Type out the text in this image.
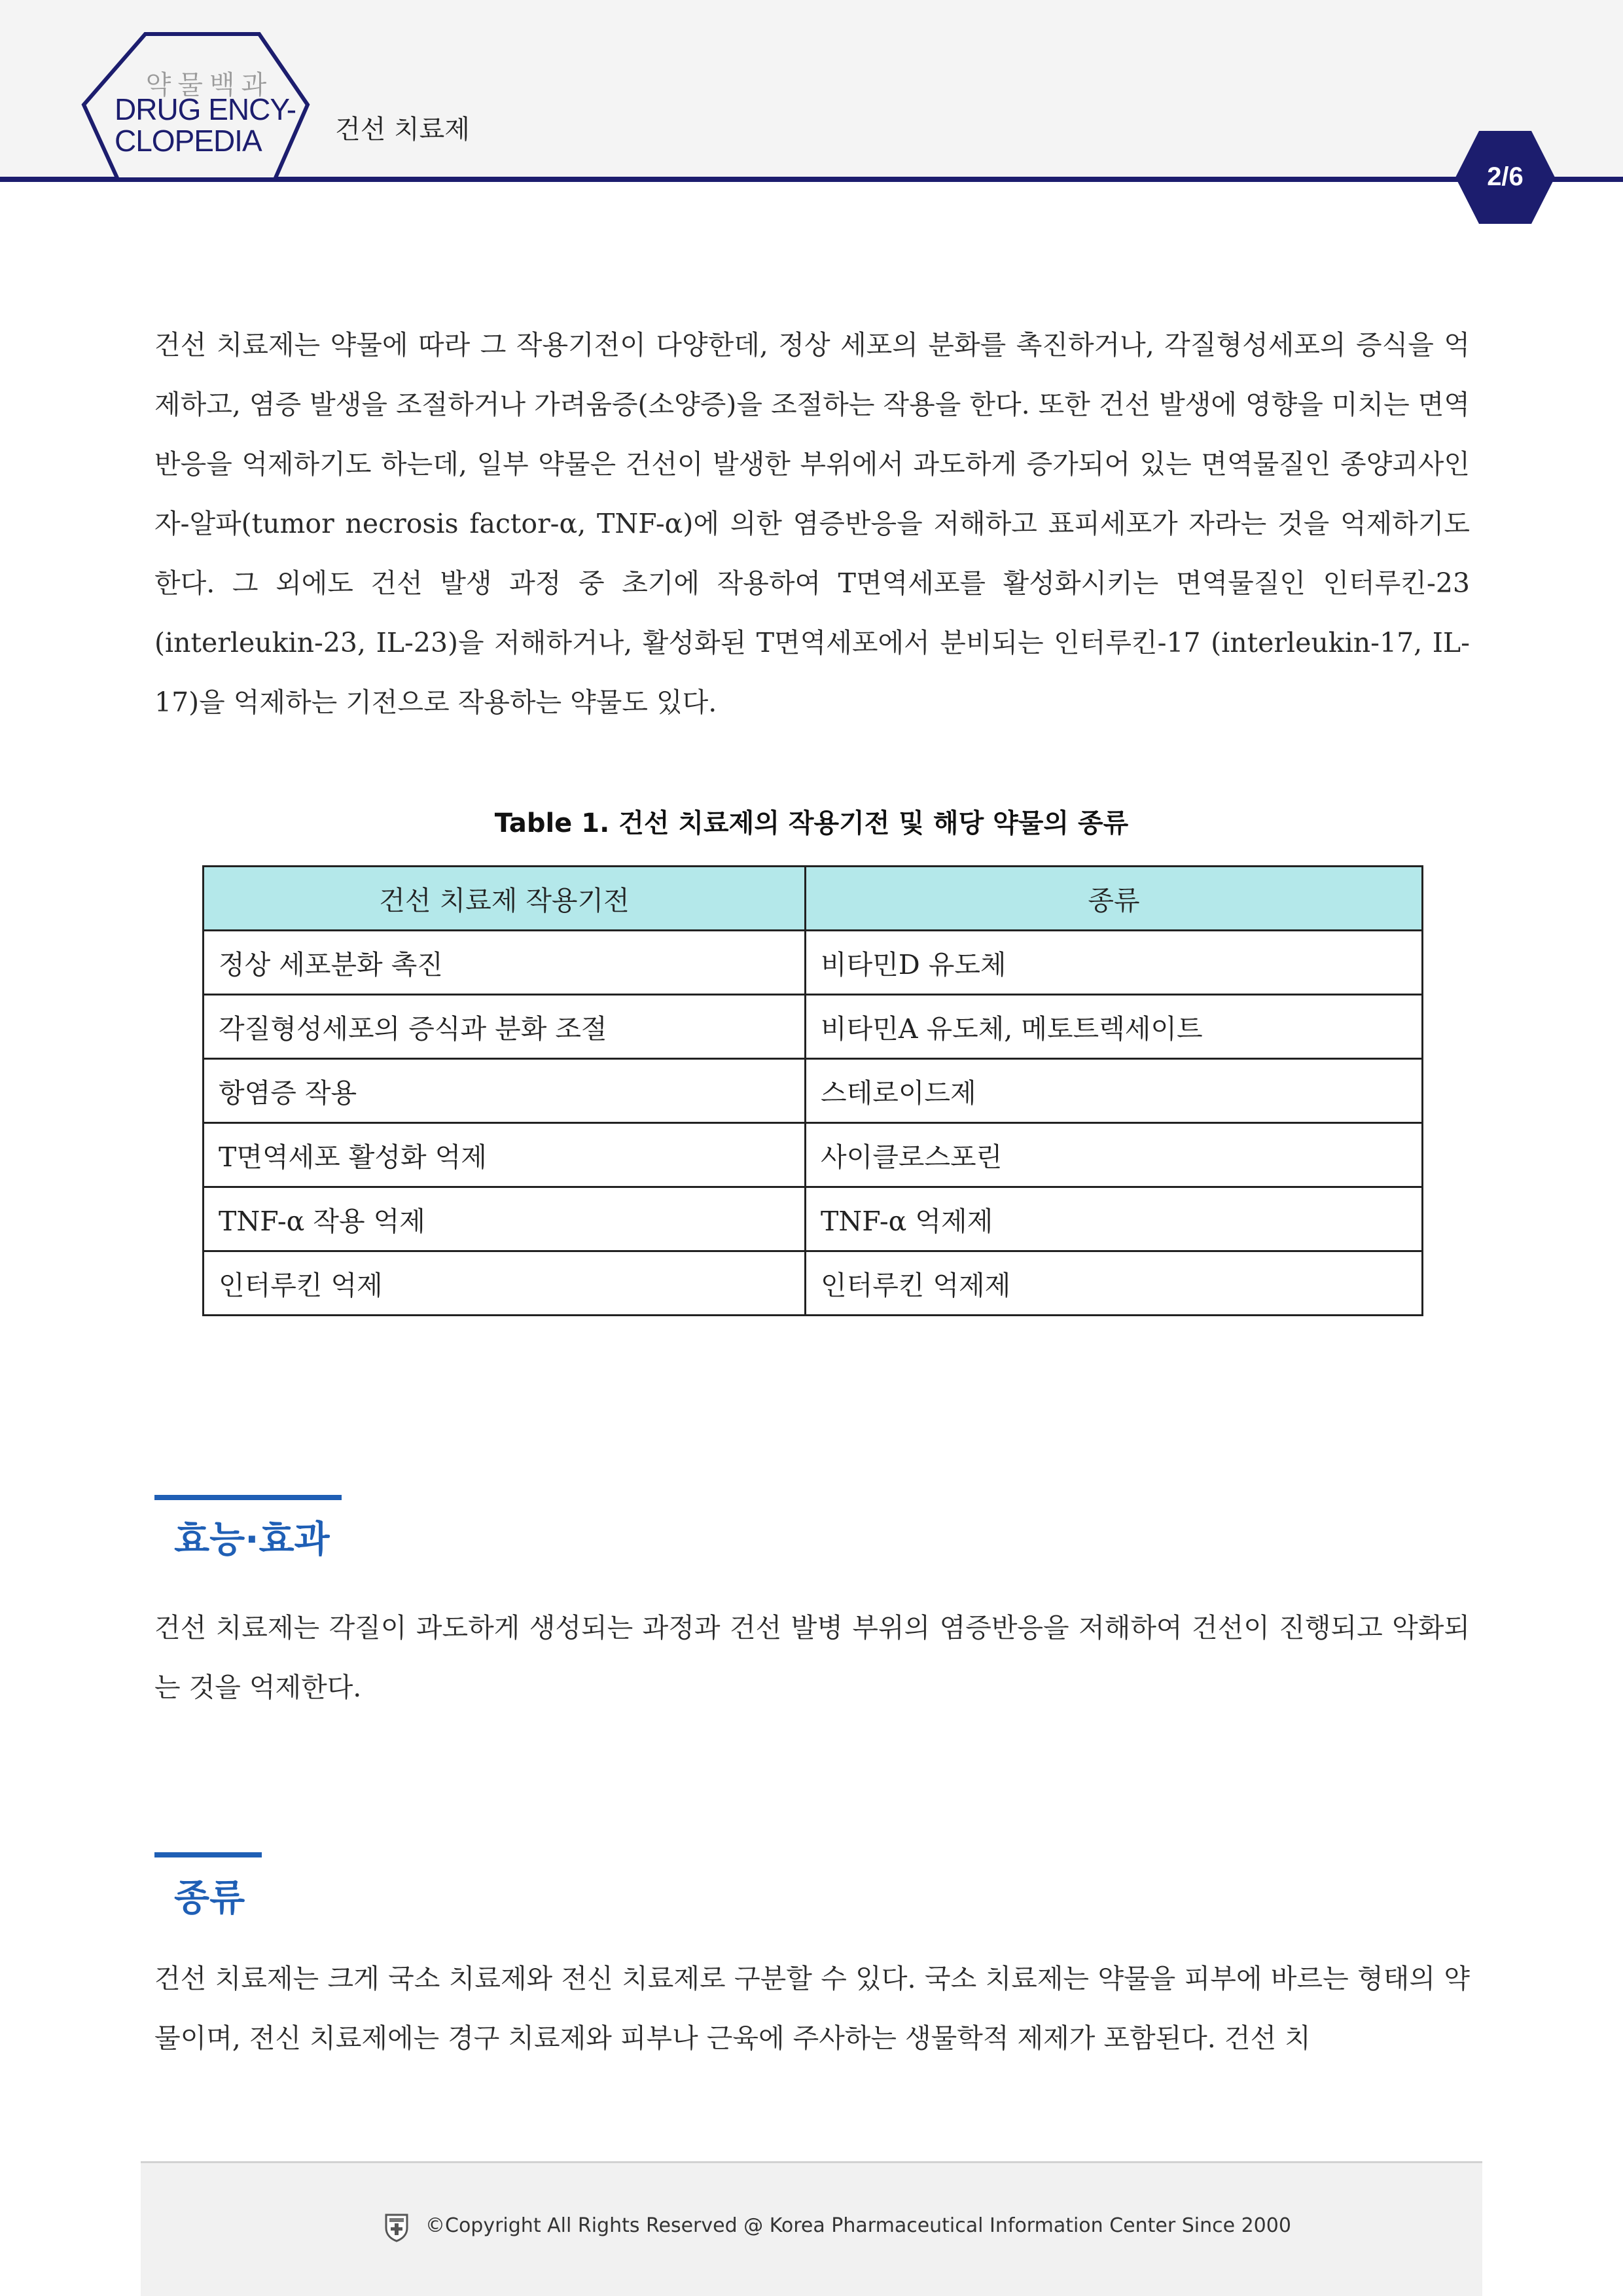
약물백과
DRUG ENCY-
CLOPEDIA	건선 치료제
2/6

건선 치료제는 약물에 따라 그 작용기전이 다양한데, 정상 세포의 분화를 촉진하거나, 각질형성세포의 증식을 억제하고, 염증 발생을 조절하거나 가려움증(소양증)을 조절하는 작용을 한다. 또한 건선 발생에 영향을 미치는 면역반응을 억제하기도 하는데, 일부 약물은 건선이 발생한 부위에서 과도하게 증가되어 있는 면역물질인 종양괴사인자-알파(tumor necrosis factor-α, TNF-α)에 의한 염증반응을 저해하고 표피세포가 자라는 것을 억제하기도 한다. 그 외에도 건선 발생 과정 중 초기에 작용하여 T면역세포를 활성화시키는 면역물질인 인터루킨-23 (interleukin-23, IL-23)을 저해하거나, 활성화된 T면역세포에서 분비되는 인터루킨-17 (interleukin-17, IL-17)을 억제하는 기전으로 작용하는 약물도 있다.

Table 1. 건선 치료제의 작용기전 및 해당 약물의 종류
건선 치료제 작용기전	종류
정상 세포분화 촉진	비타민D 유도체
각질형성세포의 증식과 분화 조절	비타민A 유도체, 메토트렉세이트
항염증 작용	스테로이드제
T면역세포 활성화 억제	사이클로스포린
TNF-α 작용 억제	TNF-α 억제제
인터루킨 억제	인터루킨 억제제
효능·효과

건선 치료제는 각질이 과도하게 생성되는 과정과 건선 발병 부위의 염증반응을 저해하여 건선이 진행되고 악화되는 것을 억제한다.

종류

건선 치료제는 크게 국소 치료제와 전신 치료제로 구분할 수 있다. 국소 치료제는 약물을 피부에 바르는 형태의 약물이며, 전신 치료제에는 경구 치료제와 피부나 근육에 주사하는 생물학적 제제가 포함된다. 건선 치

©Copyright All Rights Reserved @ Korea Pharmaceutical Information Center Since 2000
